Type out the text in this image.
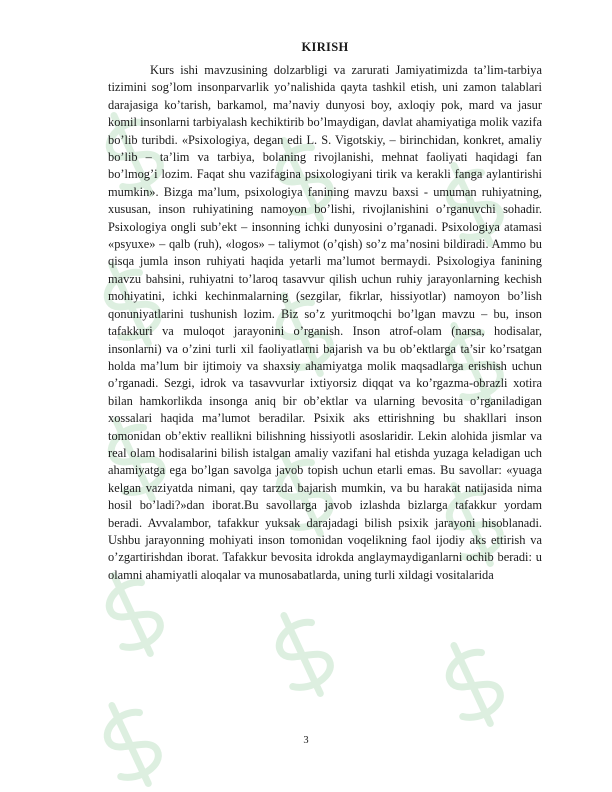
KIRISH

Kurs ishi mavzusining dolzarbligi va zarurati Jamiyatimizda ta’lim-tarbiya tizimini sog’lom insonparvarlik yo’nalishida qayta tashkil etish, uni zamon talablari darajasiga ko’tarish, barkamol, ma’naviy dunyosi boy, axloqiy pok, mard va jasur komil insonlarni tarbiyalash kechiktirib bo’lmaydigan, davlat ahamiyatiga molik vazifa bo’lib turibdi. «Psixologiya, degan edi L. S. Vigotskiy, – birinchidan, konkret, amaliy bo’lib – ta’lim va tarbiya, bolaning rivojlanishi, mehnat faoliyati haqidagi fan bo’lmog’i lozim. Faqat shu vazifagina psixologiyani tirik va kerakli fanga aylantirishi mumkin». Bizga ma’lum, psixologiya fanining mavzu baxsi - umuman ruhiyatning, xususan, inson ruhiyatining namoyon bo’lishi, rivojlanishini o’rganuvchi sohadir. Psixologiya ongli sub’ekt – insonning ichki dunyosini o’rganadi. Psixologiya atamasi «psyuxe» – qalb (ruh), «logos» – taliymot (o’qish) so’z ma’nosini bildiradi. Ammo bu qisqa jumla inson ruhiyati haqida yetarli ma’lumot bermaydi. Psixologiya fanining mavzu bahsini, ruhiyatni to’laroq tasavvur qilish uchun ruhiy jarayonlarning kechish mohiyatini, ichki kechinmalarning (sezgilar, fikrlar, hissiyotlar) namoyon bo’lish qonuniyatlarini tushunish lozim. Biz so’z yuritmoqchi bo’lgan mavzu – bu, inson tafakkuri va muloqot jarayonini o’rganish. Inson atrof-olam (narsa, hodisalar, insonlarni) va o’zini turli xil faoliyatlarni bajarish va bu ob’ektlarga ta’sir ko’rsatgan holda ma’lum bir ijtimoiy va shaxsiy ahamiyatga molik maqsadlarga erishish uchun o’rganadi. Sezgi, idrok va tasavvurlar ixtiyorsiz diqqat va ko’rgazma-obrazli xotira bilan hamkorlikda insonga aniq bir ob’ektlar va ularning bevosita o’rganiladigan xossalari haqida ma’lumot beradilar. Psixik aks ettirishning bu shakllari inson tomonidan ob’ektiv reallikni bilishning hissiyotli asoslaridir. Lekin alohida jismlar va real olam hodisalarini bilish istalgan amaliy vazifani hal etishda yuzaga keladigan uch ahamiyatga ega bo’lgan savolga javob topish uchun etarli emas. Bu savollar: «yuaga kelgan vaziyatda nimani, qay tarzda bajarish mumkin, va bu harakat natijasida nima hosil bo’ladi?»dan iborat.Bu savollarga javob izlashda bizlarga tafakkur yordam beradi. Avvalambor, tafakkur yuksak darajadagi bilish psixik jarayoni hisoblanadi. Ushbu jarayonning mohiyati inson tomonidan voqelikning faol ijodiy aks ettirish va o’zgartirishdan iborat. Tafakkur bevosita idrokda anglaymaydiganlarni ochib beradi: u olamni ahamiyatli aloqalar va munosabatlarda, uning turli xildagi vositalarida

3
